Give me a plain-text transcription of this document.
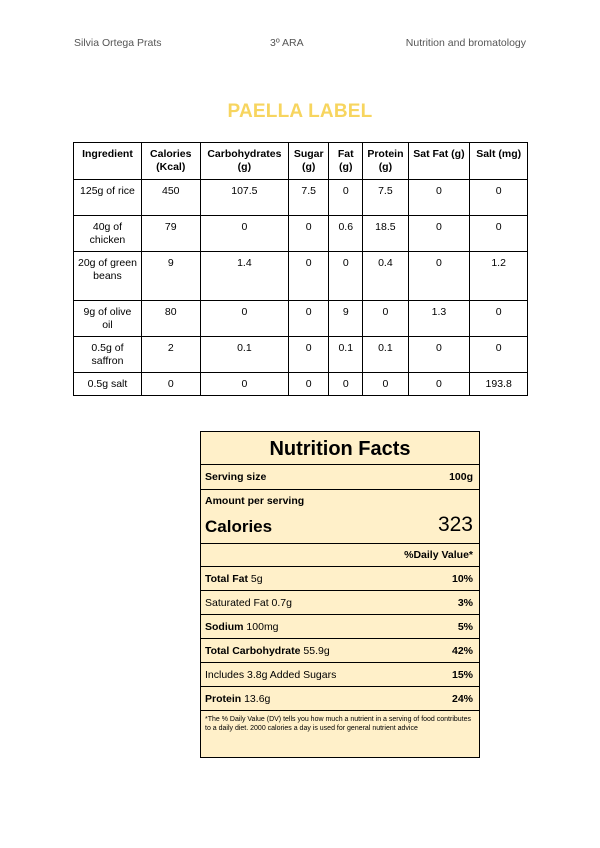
Silvia Ortega Prats	3º ARA	Nutrition and bromatology
PAELLA LABEL
Ingredient	Calories (Kcal)	Carbohydrates (g)	Sugar (g)	Fat (g)	Protein (g)	Sat Fat (g)	Salt (mg)
125g of rice	450	107.5	7.5	0	7.5	0	0
40g of chicken	79	0	0	0.6	18.5	0	0
20g of green beans	9	1.4	0	0	0.4	0	1.2
9g of olive oil	80	0	0	9	0	1.3	0
0.5g of saffron	2	0.1	0	0.1	0.1	0	0
0.5g salt	0	0	0	0	0	0	193.8
Nutrition Facts
Serving size	100g
Amount per serving
Calories	323
%Daily Value*
Total Fat 5g	10%
Saturated Fat 0.7g	3%
Sodium 100mg	5%
Total Carbohydrate 55.9g	42%
Includes 3.8g Added Sugars	15%
Protein 13.6g	24%
*The % Daily Value (DV) tells you how much a nutrient in a serving of food contributes to a daily diet. 2000 calories a day is used for general nutrient advice
